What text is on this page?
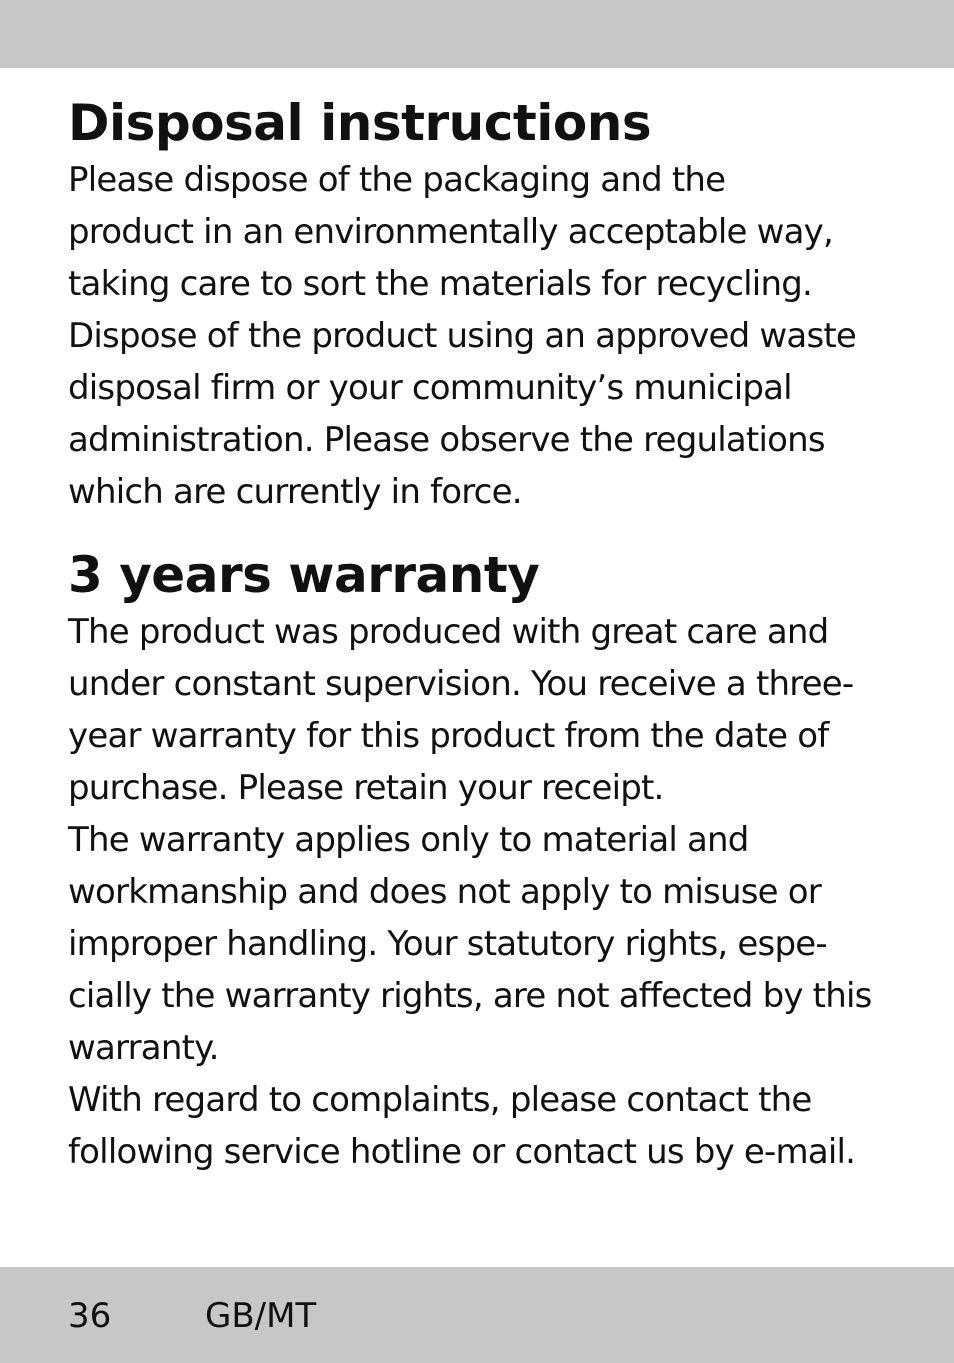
Disposal instructions

Please dispose of the packaging and the
product in an environmentally acceptable way,
taking care to sort the materials for recycling.
Dispose of the product using an approved waste
disposal firm or your community’s municipal
administration. Please observe the regulations
which are currently in force.

3 years warranty

The product was produced with great care and
under constant supervision. You receive a three-
year warranty for this product from the date of
purchase. Please retain your receipt.

The warranty applies only to material and
workmanship and does not apply to misuse or
improper handling. Your statutory rights, espe-
cially the warranty rights, are not affected by this
warranty.

With regard to complaints, please contact the
following service hotline or contact us by e-mail.

36	GB/MT
